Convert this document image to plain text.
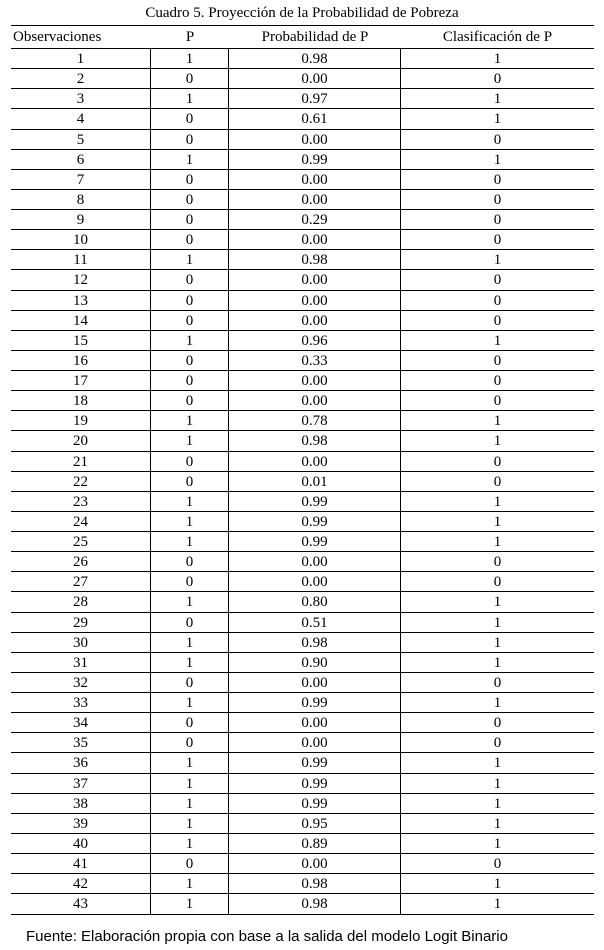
Cuadro 5. Proyección de la Probabilidad de Pobreza
Observaciones	P	Probabilidad de P	Clasificación de P
1	1	0.98	1
2	0	0.00	0
3	1	0.97	1
4	0	0.61	1
5	0	0.00	0
6	1	0.99	1
7	0	0.00	0
8	0	0.00	0
9	0	0.29	0
10	0	0.00	0
11	1	0.98	1
12	0	0.00	0
13	0	0.00	0
14	0	0.00	0
15	1	0.96	1
16	0	0.33	0
17	0	0.00	0
18	0	0.00	0
19	1	0.78	1
20	1	0.98	1
21	0	0.00	0
22	0	0.01	0
23	1	0.99	1
24	1	0.99	1
25	1	0.99	1
26	0	0.00	0
27	0	0.00	0
28	1	0.80	1
29	0	0.51	1
30	1	0.98	1
31	1	0.90	1
32	0	0.00	0
33	1	0.99	1
34	0	0.00	0
35	0	0.00	0
36	1	0.99	1
37	1	0.99	1
38	1	0.99	1
39	1	0.95	1
40	1	0.89	1
41	0	0.00	0
42	1	0.98	1
43	1	0.98	1
Fuente: Elaboración propia con base a la salida del modelo Logit Binario
